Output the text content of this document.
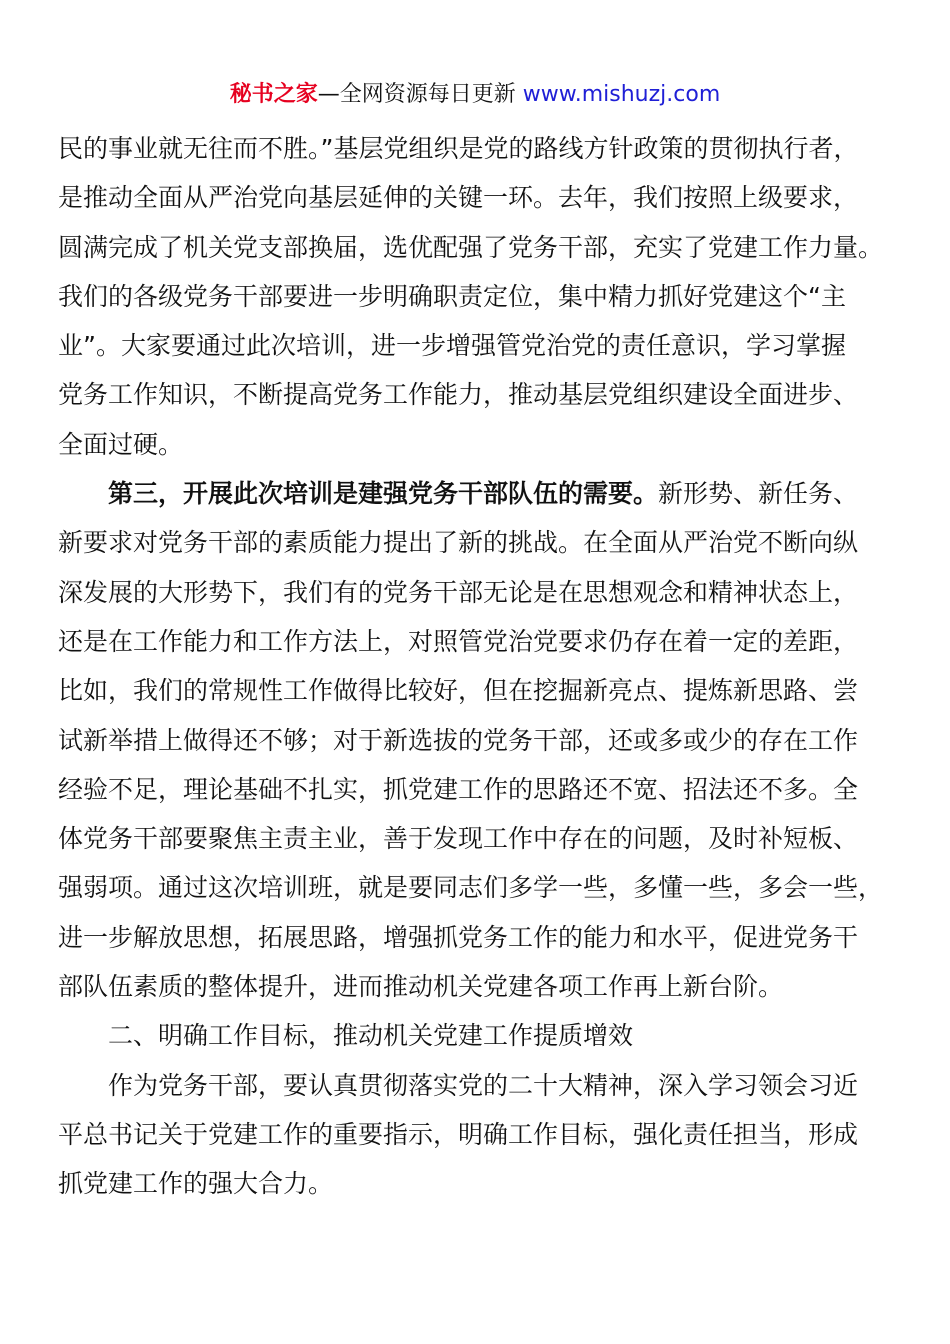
秘书之家—全网资源每日更新 www.mishuzj.com
民的事业就无往而不胜。”基层党组织是党的路线方针政策的贯彻执行者，
是推动全面从严治党向基层延伸的关键一环。去年，我们按照上级要求，
圆满完成了机关党支部换届，选优配强了党务干部，充实了党建工作力量。
我们的各级党务干部要进一步明确职责定位，集中精力抓好党建这个“主
业”。大家要通过此次培训，进一步增强管党治党的责任意识，学习掌握
党务工作知识，不断提高党务工作能力，推动基层党组织建设全面进步、
全面过硬。
第三，开展此次培训是建强党务干部队伍的需要。新形势、新任务、
新要求对党务干部的素质能力提出了新的挑战。在全面从严治党不断向纵
深发展的大形势下，我们有的党务干部无论是在思想观念和精神状态上，
还是在工作能力和工作方法上，对照管党治党要求仍存在着一定的差距，
比如，我们的常规性工作做得比较好，但在挖掘新亮点、提炼新思路、尝
试新举措上做得还不够；对于新选拔的党务干部，还或多或少的存在工作
经验不足，理论基础不扎实，抓党建工作的思路还不宽、招法还不多。全
体党务干部要聚焦主责主业，善于发现工作中存在的问题，及时补短板、
强弱项。通过这次培训班，就是要同志们多学一些，多懂一些，多会一些，
进一步解放思想，拓展思路，增强抓党务工作的能力和水平，促进党务干
部队伍素质的整体提升，进而推动机关党建各项工作再上新台阶。
二、明确工作目标，推动机关党建工作提质增效
作为党务干部，要认真贯彻落实党的二十大精神，深入学习领会习近
平总书记关于党建工作的重要指示，明确工作目标，强化责任担当，形成
抓党建工作的强大合力。
